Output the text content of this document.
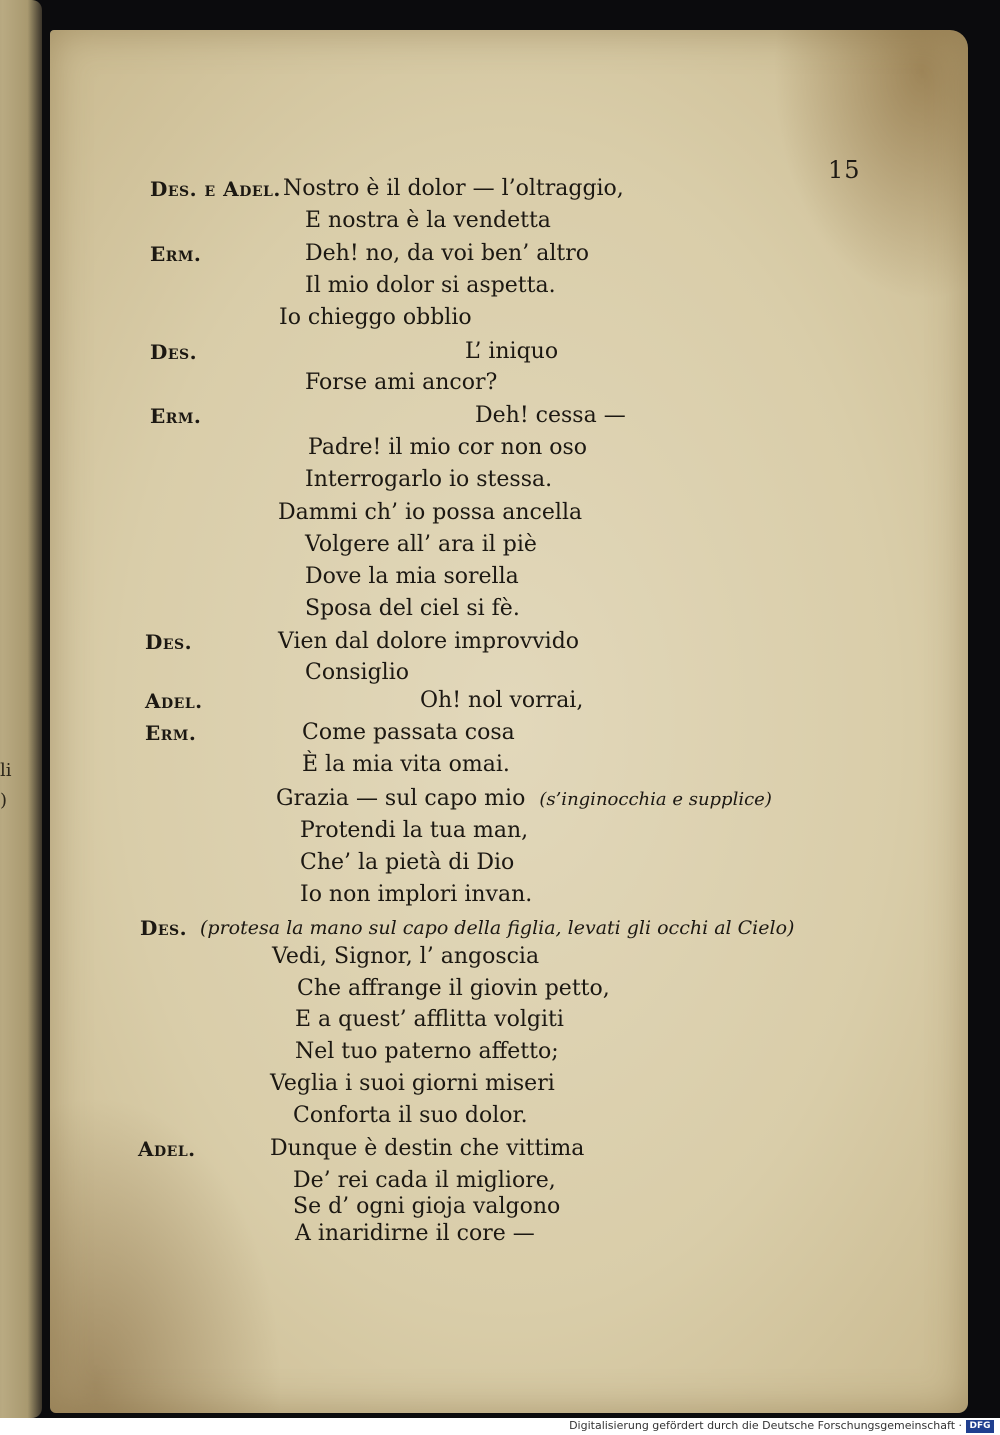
li
)
15
Des. e Adel. Nostro è il dolor — l’oltraggio,
E nostra è la vendetta
Erm.	Deh! no, da voi ben’ altro
Il mio dolor si aspetta.
Io chieggo obblio
Des.	L’ iniquo
Forse ami ancor?
Erm.	Deh! cessa —
Padre! il mio cor non oso
Interrogarlo io stessa.
Dammi ch’ io possa ancella
Volgere all’ ara il piè
Dove la mia sorella
Sposa del ciel si fè.
Des.	Vien dal dolore improvvido
Consiglio
Adel.	Oh! nol vorrai,
Erm.	Come passata cosa
È la mia vita omai.
Grazia — sul capo mio (s’inginocchia e supplice)
Protendi la tua man,
Che’ la pietà di Dio
Io non implori invan.
Des. (protesa la mano sul capo della figlia, levati gli occhi al Cielo)
Vedi, Signor, l’ angoscia
Che affrange il giovin petto,
E a quest’ afflitta volgiti
Nel tuo paterno affetto;
Veglia i suoi giorni miseri
Conforta il suo dolor.
Adel.	Dunque è destin che vittima
De’ rei cada il migliore,
Se d’ ogni gioja valgono
A inaridirne il core —
Digitalisierung gefördert durch die Deutsche Forschungsgemeinschaft · DFG
